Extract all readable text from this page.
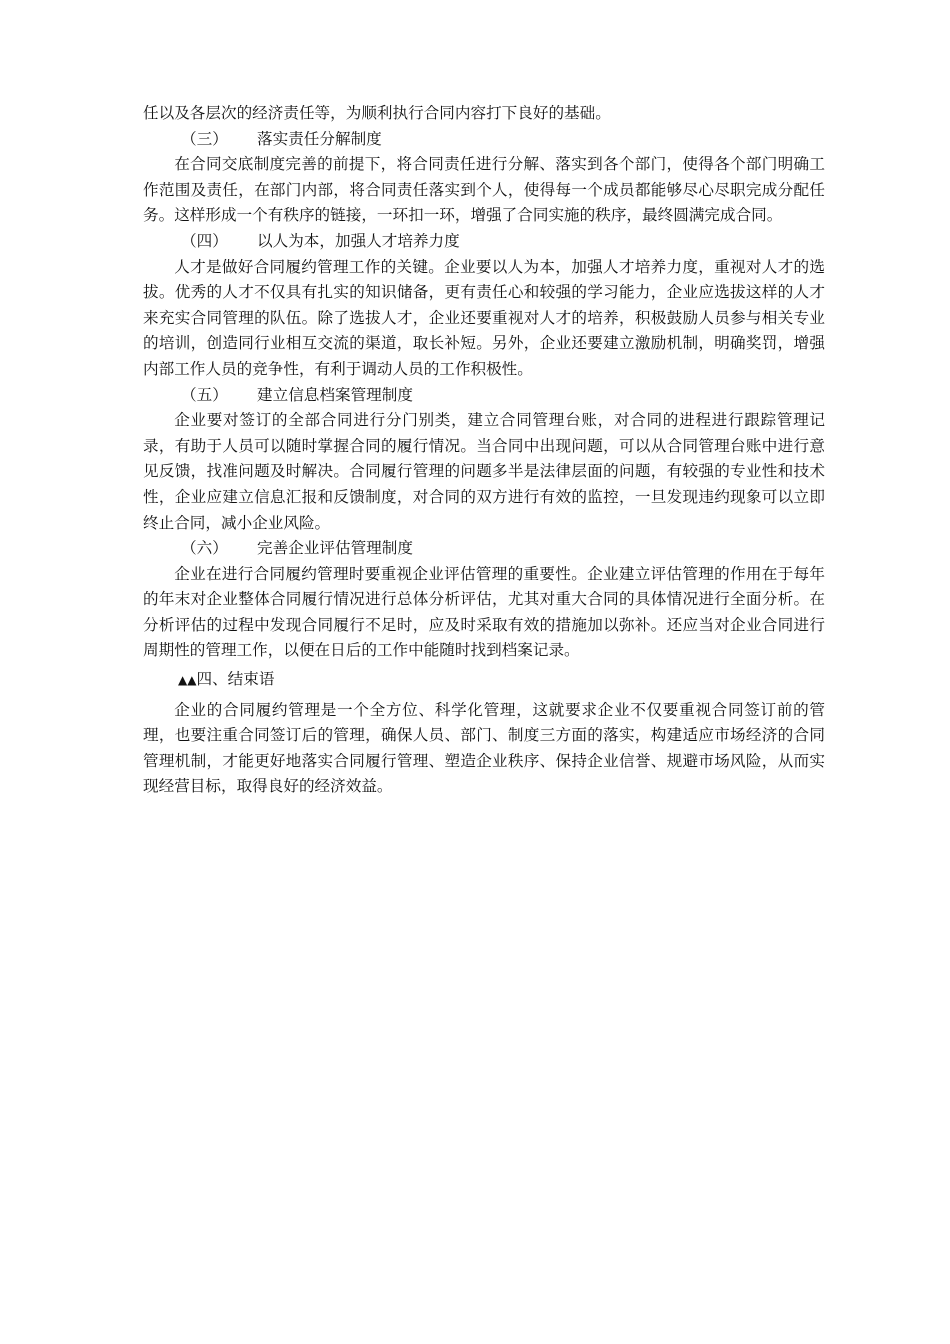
任以及各层次的经济责任等，为顺利执行合同内容打下良好的基础。

（三） 落实责任分解制度

在合同交底制度完善的前提下，将合同责任进行分解、落实到各个部门，使得各个部门明确工作范围及责任，在部门内部，将合同责任落实到个人，使得每一个成员都能够尽心尽职完成分配任务。这样形成一个有秩序的链接，一环扣一环，增强了合同实施的秩序，最终圆满完成合同。

（四） 以人为本，加强人才培养力度

人才是做好合同履约管理工作的关键。企业要以人为本，加强人才培养力度，重视对人才的选拔。优秀的人才不仅具有扎实的知识储备，更有责任心和较强的学习能力，企业应选拔这样的人才来充实合同管理的队伍。除了选拔人才，企业还要重视对人才的培养，积极鼓励人员参与相关专业的培训，创造同行业相互交流的渠道，取长补短。另外，企业还要建立激励机制，明确奖罚，增强内部工作人员的竞争性，有利于调动人员的工作积极性。

（五） 建立信息档案管理制度

企业要对签订的全部合同进行分门别类，建立合同管理台账，对合同的进程进行跟踪管理记录，有助于人员可以随时掌握合同的履行情况。当合同中出现问题，可以从合同管理台账中进行意见反馈，找准问题及时解决。合同履行管理的问题多半是法律层面的问题，有较强的专业性和技术性，企业应建立信息汇报和反馈制度，对合同的双方进行有效的监控，一旦发现违约现象可以立即终止合同，减小企业风险。

（六） 完善企业评估管理制度

企业在进行合同履约管理时要重视企业评估管理的重要性。企业建立评估管理的作用在于每年的年末对企业整体合同履行情况进行总体分析评估，尤其对重大合同的具体情况进行全面分析。在分析评估的过程中发现合同履行不足时，应及时采取有效的措施加以弥补。还应当对企业合同进行周期性的管理工作，以便在日后的工作中能随时找到档案记录。

▲▲四、结束语

企业的合同履约管理是一个全方位、科学化管理，这就要求企业不仅要重视合同签订前的管理，也要注重合同签订后的管理，确保人员、部门、制度三方面的落实，构建适应市场经济的合同管理机制，才能更好地落实合同履行管理、塑造企业秩序、保持企业信誉、规避市场风险，从而实现经营目标，取得良好的经济效益。
